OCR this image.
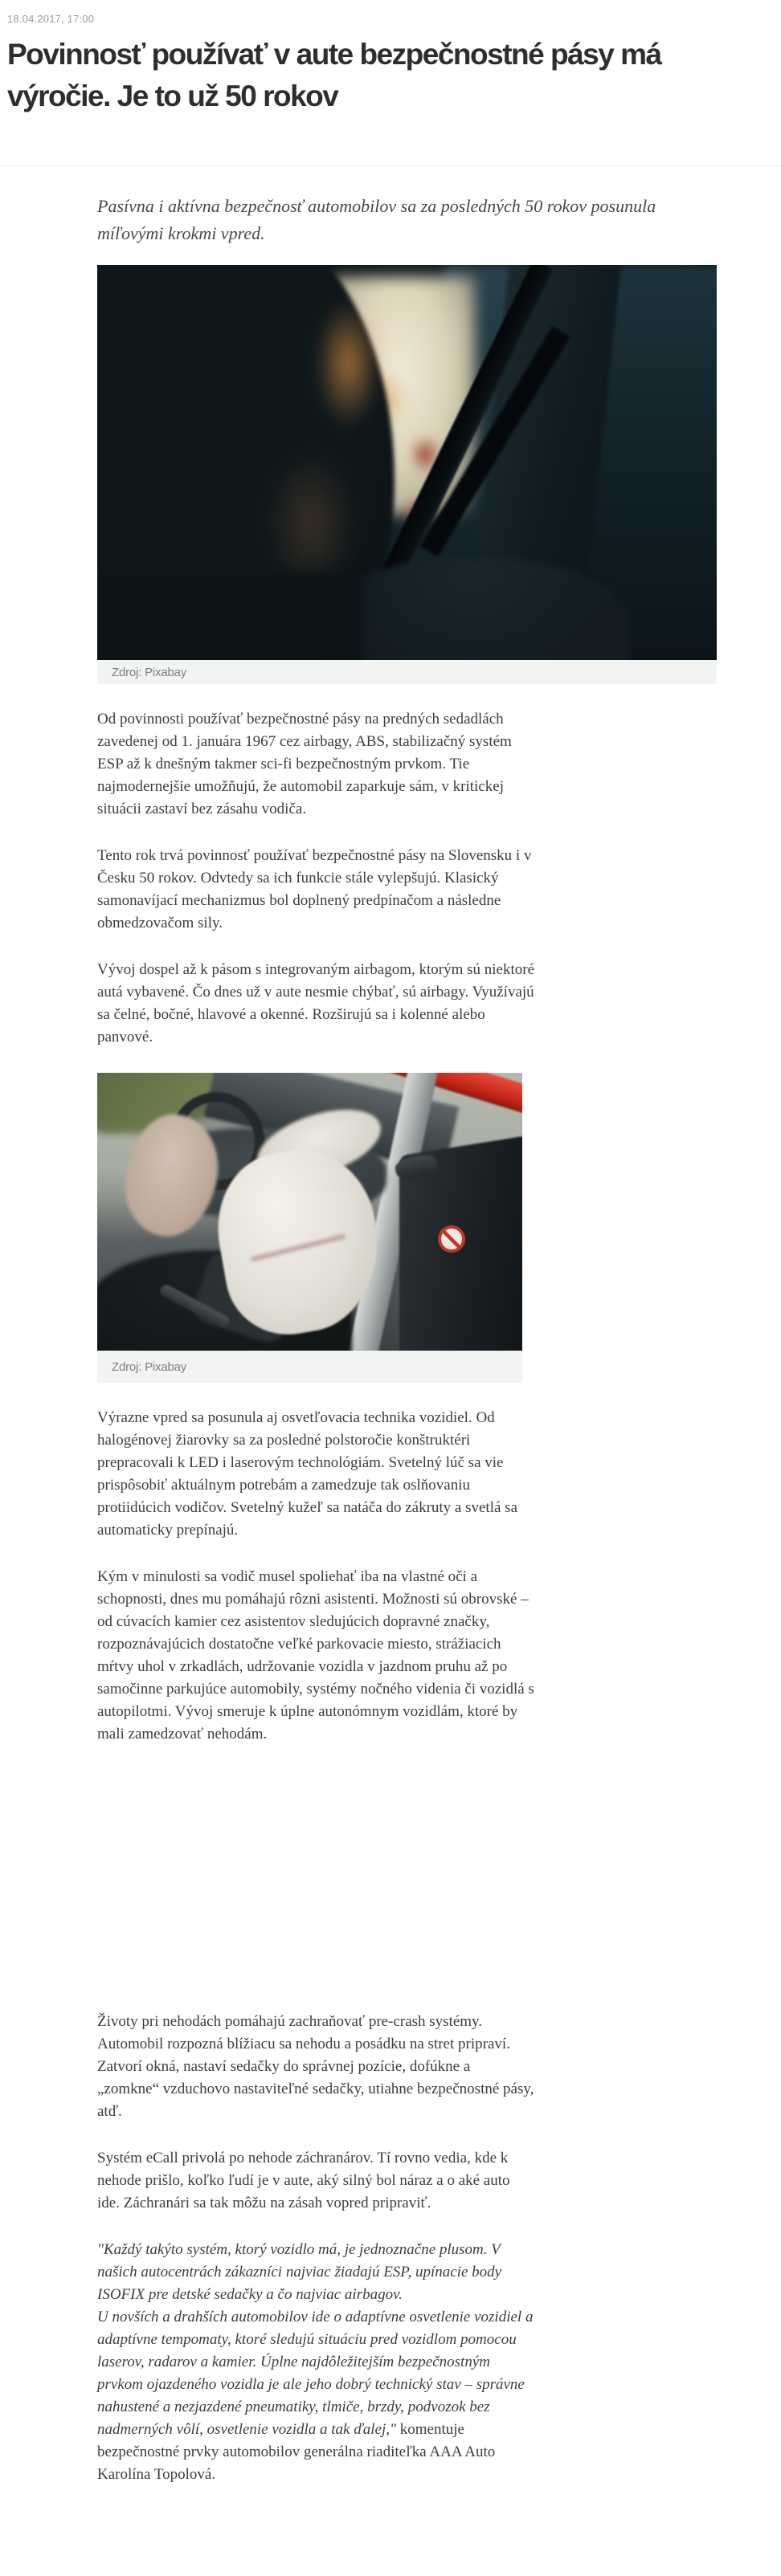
18.04.2017, 17:00
Povinnosť používať v aute bezpečnostné pásy má výročie. Je to už 50 rokov

Pasívna i aktívna bezpečnosť automobilov sa za posledných 50 rokov posunula míľovými krokmi vpred.

Zdroj: Pixabay

Od povinnosti používať bezpečnostné pásy na predných sedadlách zavedenej od 1. januára 1967 cez airbagy, ABS, stabilizačný systém ESP až k dnešným takmer sci-fi bezpečnostným prvkom. Tie najmodernejšie umožňujú, že automobil zaparkuje sám, v kritickej situácii zastaví bez zásahu vodiča.

Tento rok trvá povinnosť používať bezpečnostné pásy na Slovensku i v Česku 50 rokov. Odvtedy sa ich funkcie stále vylepšujú. Klasický samonavíjací mechanizmus bol doplnený predpínačom a následne obmedzovačom sily.

Vývoj dospel až k pásom s integrovaným airbagom, ktorým sú niektoré autá vybavené. Čo dnes už v aute nesmie chýbať, sú airbagy. Využívajú sa čelné, bočné, hlavové a okenné. Rozširujú sa i kolenné alebo panvové.

Zdroj: Pixabay

Výrazne vpred sa posunula aj osvetľovacia technika vozidiel. Od halogénovej žiarovky sa za posledné polstoročie konštruktéri prepracovali k LED i laserovým technológiám. Svetelný lúč sa vie prispôsobiť aktuálnym potrebám a zamedzuje tak oslňovaniu protiidúcich vodičov. Svetelný kužeľ sa natáča do zákruty a svetlá sa automaticky prepínajú.

Kým v minulosti sa vodič musel spoliehať iba na vlastné oči a schopnosti, dnes mu pomáhajú rôzni asistenti. Možnosti sú obrovské – od cúvacích kamier cez asistentov sledujúcich dopravné značky, rozpoznávajúcich dostatočne veľké parkovacie miesto, strážiacich mŕtvy uhol v zrkadlách, udržovanie vozidla v jazdnom pruhu až po samočinne parkujúce automobily, systémy nočného videnia či vozidlá s autopilotmi. Vývoj smeruje k úplne autonómnym vozidlám, ktoré by mali zamedzovať nehodám.

Životy pri nehodách pomáhajú zachraňovať pre-crash systémy. Automobil rozpozná blížiacu sa nehodu a posádku na stret pripraví. Zatvorí okná, nastaví sedačky do správnej pozície, dofúkne a „zomkne“ vzduchovo nastaviteľné sedačky, utiahne bezpečnostné pásy, atď.

Systém eCall privolá po nehode záchranárov. Tí rovno vedia, kde k nehode prišlo, koľko ľudí je v aute, aký silný bol náraz a o aké auto ide. Záchranári sa tak môžu na zásah vopred pripraviť.

"Každý takýto systém, ktorý vozidlo má, je jednoznačne plusom. V našich autocentrách zákazníci najviac žiadajú ESP, upínacie body ISOFIX pre detské sedačky a čo najviac airbagov.
U novších a drahších automobilov ide o adaptívne osvetlenie vozidiel a adaptívne tempomaty, ktoré sledujú situáciu pred vozidlom pomocou laserov, radarov a kamier. Úplne najdôležitejším bezpečnostným prvkom ojazdeného vozidla je ale jeho dobrý technický stav – správne nahustené a nezjazdené pneumatiky, tlmiče, brzdy, podvozok bez nadmerných vôlí, osvetlenie vozidla a tak ďalej," komentuje bezpečnostné prvky automobilov generálna riaditeľka AAA Auto Karolína Topolová.
